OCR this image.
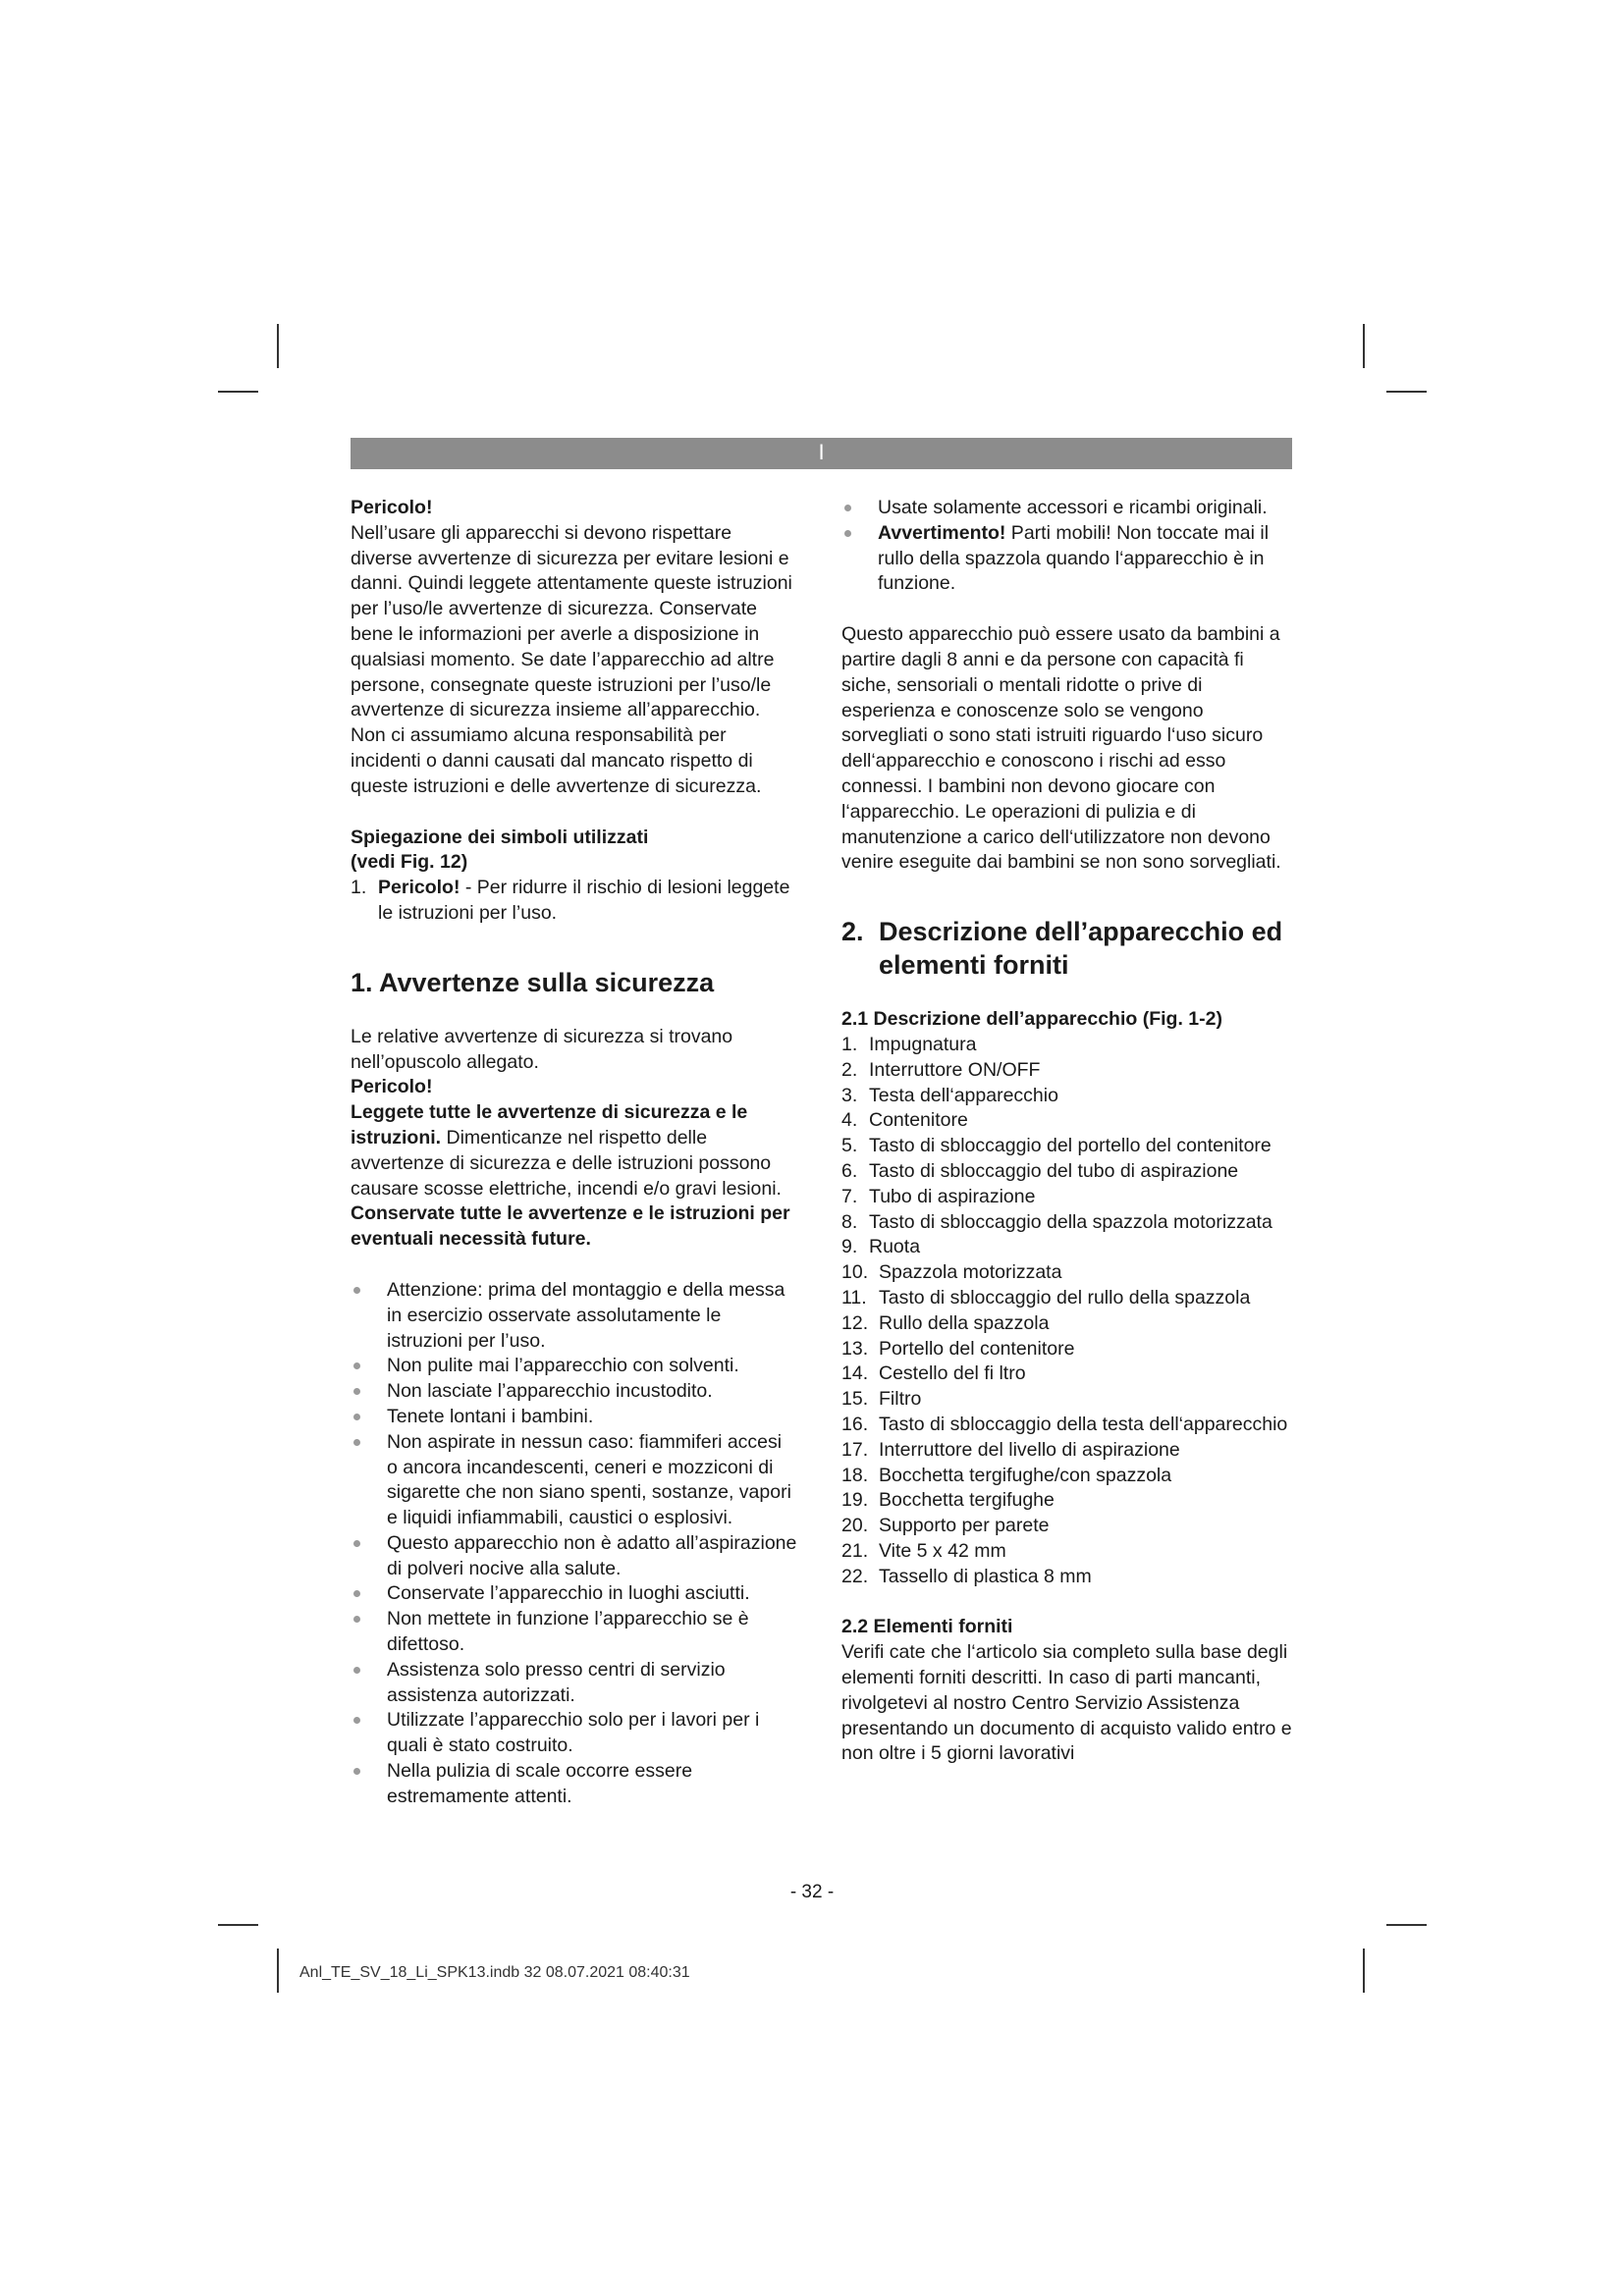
I

Pericolo!

Nell’usare gli apparecchi si devono rispettare diverse avvertenze di sicurezza per evitare lesioni e danni. Quindi leggete attentamente queste istruzioni per l’uso/le avvertenze di sicurezza. Conservate bene le informazioni per averle a disposizione in qualsiasi momento. Se date l’apparecchio ad altre persone, consegnate queste istruzioni per l’uso/le avvertenze di sicurezza insieme all’apparecchio. Non ci assumiamo alcuna responsabilità per incidenti o danni causati dal mancato rispetto di queste istruzioni e delle avvertenze di sicurezza.

Spiegazione dei simboli utilizzati

(vedi Fig. 12)

1. Pericolo! - Per ridurre il rischio di lesioni leggete le istruzioni per l’uso.

1. Avvertenze sulla sicurezza

Le relative avvertenze di sicurezza si trovano nell’opuscolo allegato.

Pericolo!

Leggete tutte le avvertenze di sicurezza e le istruzioni. Dimenticanze nel rispetto delle avvertenze di sicurezza e delle istruzioni possono causare scosse elettriche, incendi e/o gravi lesioni.

Conservate tutte le avvertenze e le istruzioni per eventuali necessità future.

Attenzione: prima del montaggio e della messa in esercizio osservate assolutamente le istruzioni per l’uso.

Non pulite mai l’apparecchio con solventi.

Non lasciate l’apparecchio incustodito.

Tenete lontani i bambini.

Non aspirate in nessun caso: fiammiferi accesi o ancora incandescenti, ceneri e mozziconi di sigarette che non siano spenti, sostanze, vapori e liquidi infiammabili, caustici o esplosivi.

Questo apparecchio non è adatto all’aspirazione di polveri nocive alla salute.

Conservate l’apparecchio in luoghi asciutti.

Non mettete in funzione l’apparecchio se è difettoso.

Assistenza solo presso centri di servizio assistenza autorizzati.

Utilizzate l’apparecchio solo per i lavori per i quali è stato costruito.

Nella pulizia di scale occorre essere estremamente attenti.

Usate solamente accessori e ricambi originali.

Avvertimento! Parti mobili! Non toccate mai il rullo della spazzola quando l‘apparecchio è in funzione.

Questo apparecchio può essere usato da bambini a partire dagli 8 anni e da persone con capacità fi siche, sensoriali o mentali ridotte o prive di esperienza e conoscenze solo se vengono sorvegliati o sono stati istruiti riguardo l‘uso sicuro dell‘apparecchio e conoscono i rischi ad esso connessi. I bambini non devono giocare con l‘apparecchio. Le operazioni di pulizia e di manutenzione a carico dell‘utilizzatore non devono venire eseguite dai bambini se non sono sorvegliati.

2. Descrizione dell’apparecchio ed elementi forniti

2.1 Descrizione dell’apparecchio (Fig. 1-2)

1. Impugnatura

2. Interruttore ON/OFF

3. Testa dell‘apparecchio

4. Contenitore

5. Tasto di sbloccaggio del portello del contenitore

6. Tasto di sbloccaggio del tubo di aspirazione

7. Tubo di aspirazione

8. Tasto di sbloccaggio della spazzola motorizzata

9. Ruota

10. Spazzola motorizzata

11. Tasto di sbloccaggio del rullo della spazzola

12. Rullo della spazzola

13. Portello del contenitore

14. Cestello del fi ltro

15. Filtro

16. Tasto di sbloccaggio della testa dell‘apparecchio

17. Interruttore del livello di aspirazione

18. Bocchetta tergifughe/con spazzola

19. Bocchetta tergifughe

20. Supporto per parete

21. Vite 5 x 42 mm

22. Tassello di plastica 8 mm

2.2 Elementi forniti

Verifi cate che l‘articolo sia completo sulla base degli elementi forniti descritti. In caso di parti mancanti, rivolgetevi al nostro Centro Servizio Assistenza presentando un documento di acquisto valido entro e non oltre i 5 giorni lavorativi

- 32 -
Anl_TE_SV_18_Li_SPK13.indb 32 08.07.2021 08:40:31
